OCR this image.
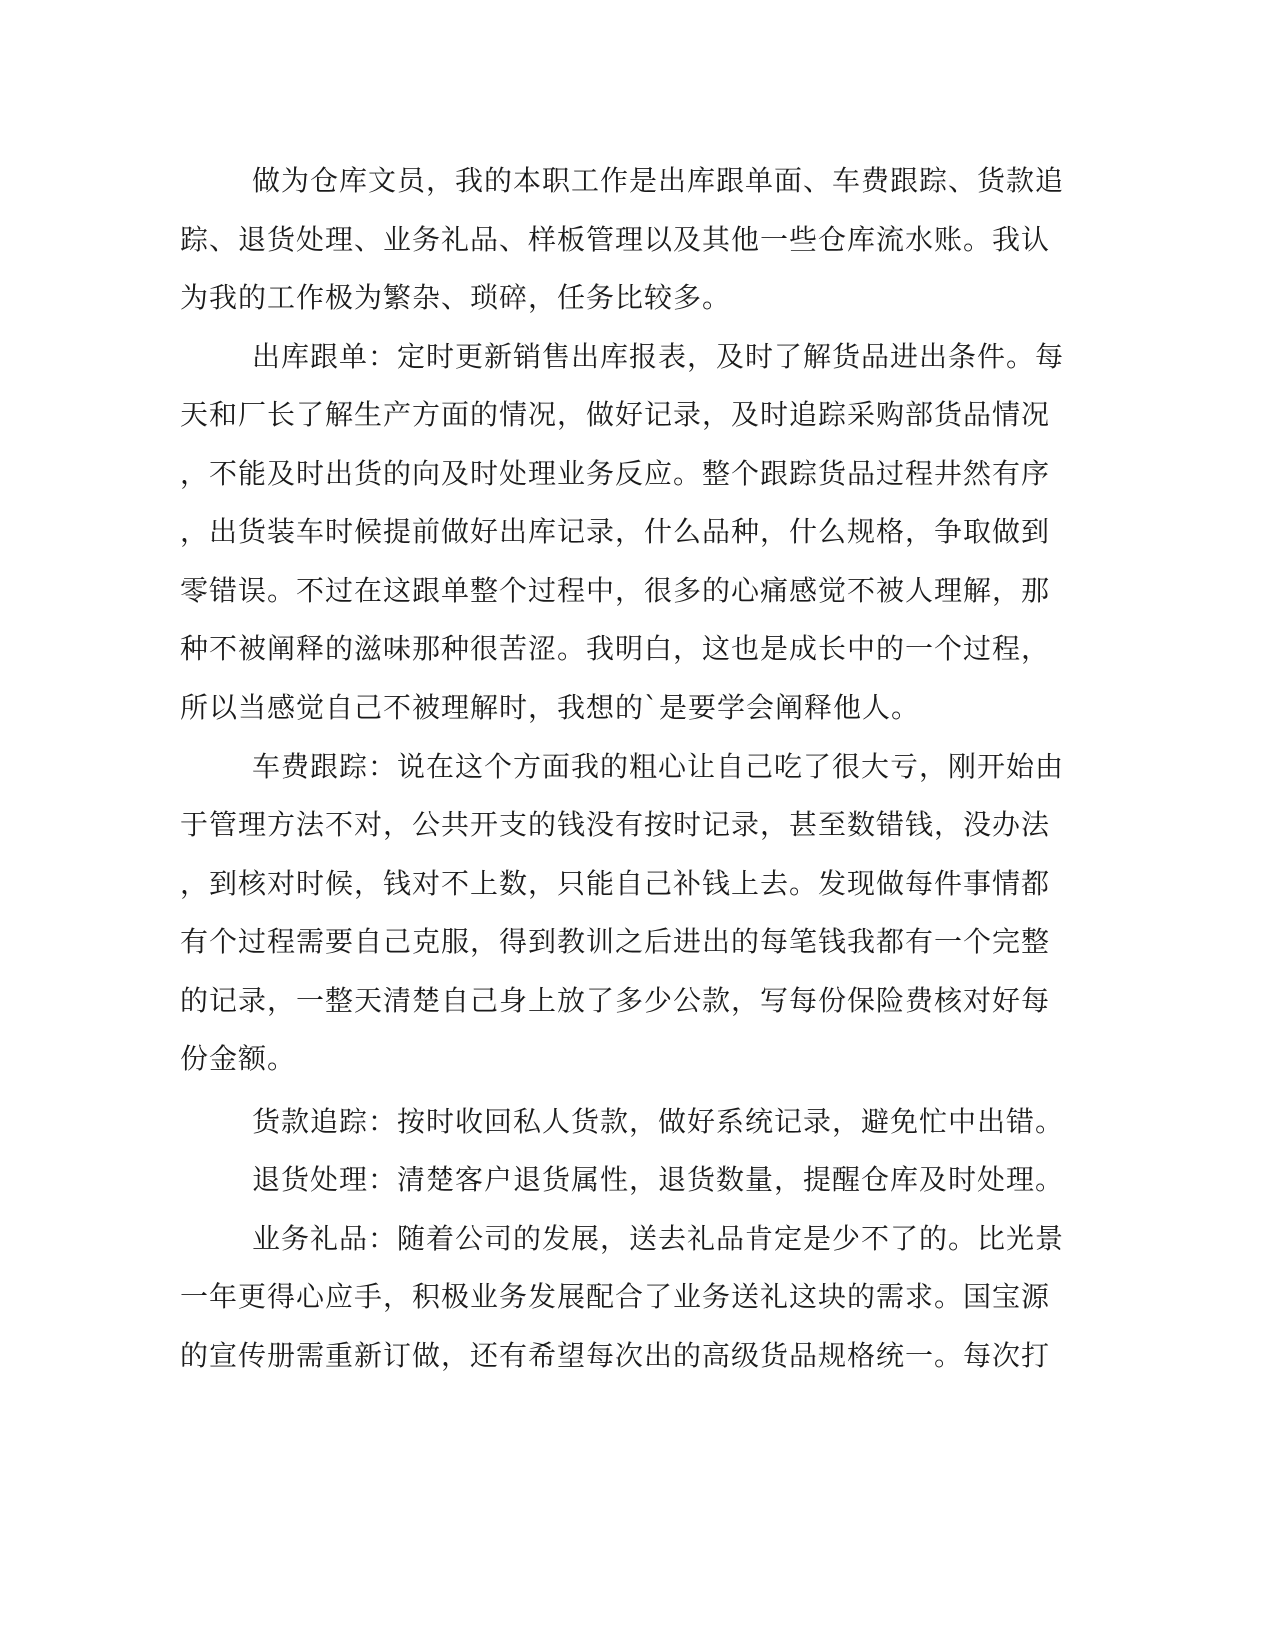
做为仓库文员，我的本职工作是出库跟单面、车费跟踪、货款追
踪、退货处理、业务礼品、样板管理以及其他一些仓库流水账。我认
为我的工作极为繁杂、琐碎，任务比较多。
出库跟单：定时更新销售出库报表，及时了解货品进出条件。每
天和厂长了解生产方面的情况，做好记录，及时追踪采购部货品情况
，不能及时出货的向及时处理业务反应。整个跟踪货品过程井然有序
，出货装车时候提前做好出库记录，什么品种，什么规格，争取做到
零错误。不过在这跟单整个过程中，很多的心痛感觉不被人理解，那
种不被阐释的滋味那种很苦涩。我明白，这也是成长中的一个过程，
所以当感觉自己不被理解时，我想的`是要学会阐释他人。
车费跟踪：说在这个方面我的粗心让自己吃了很大亏，刚开始由
于管理方法不对，公共开支的钱没有按时记录，甚至数错钱，没办法
，到核对时候，钱对不上数，只能自己补钱上去。发现做每件事情都
有个过程需要自己克服，得到教训之后进出的每笔钱我都有一个完整
的记录，一整天清楚自己身上放了多少公款，写每份保险费核对好每
份金额。
货款追踪：按时收回私人货款，做好系统记录，避免忙中出错。
退货处理：清楚客户退货属性，退货数量，提醒仓库及时处理。
业务礼品：随着公司的发展，送去礼品肯定是少不了的。比光景
一年更得心应手，积极业务发展配合了业务送礼这块的需求。国宝源
的宣传册需重新订做，还有希望每次出的高级货品规格统一。每次打
